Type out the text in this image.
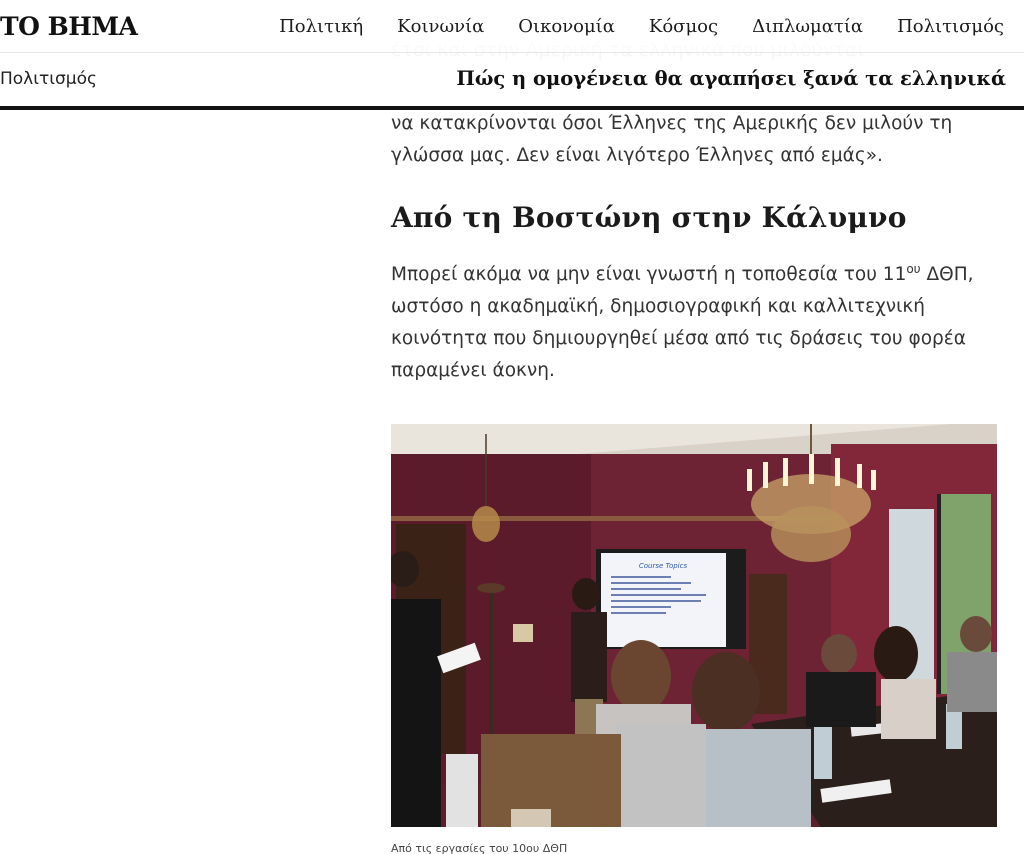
να κατακρίνονται όσοι Έλληνες της Αμερικής δεν μιλούν τη
γλώσσα μας. Δεν είναι λιγότερο Έλληνες από εμάς».
Από τη Βοστώνη στην Κάλυμνο
Μπορεί ακόμα να μην είναι γνωστή η τοποθεσία του $11^{o\upsilon}$ ΔΘΠ, ωστόσο η ακαδημαϊκή, δημοσιογραφική και καλλιτεχνική κοινότητα που δημιουργηθεί μέσα από τις δράσεις του φορέα παραμένει άοκνη.
Course Topics
Από τις εργασίες του 10ου ΔΘΠ
ΤΟ ΒΗΜΑ	Πολιτική Κοινωνία Οικονομία Κόσμος Διπλωματία Πολιτισμός
Πολιτισμός	Πώς η ομογένεια θα αγαπήσει ξανά τα ελληνικά
